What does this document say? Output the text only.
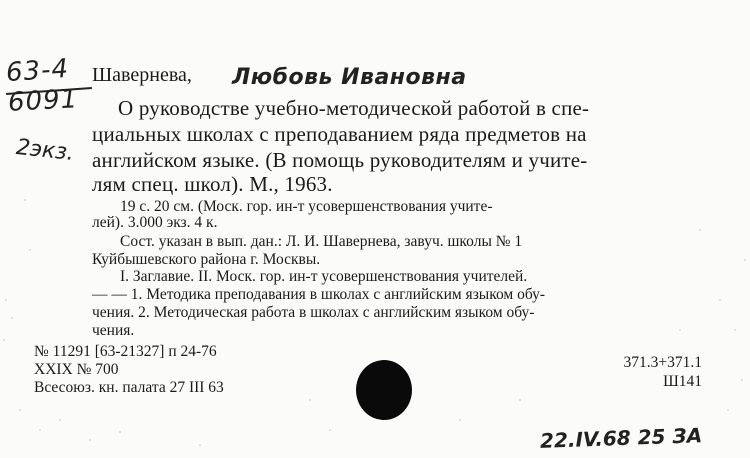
63-4
6091
2экз.
Шавернева, Любовь Ивановна
О руководстве учебно-методической работой в спе-
циальных школах с преподаванием ряда предметов на
английском языке. (В помощь руководителям и учите-
лям спец. школ). М., 1963.
19 с. 20 см. (Моск. гор. ин-т усовершенствования учите-
лей). 3.000 экз. 4 к.
Сост. указан в вып. дан.: Л. И. Шавернева, завуч. школы № 1
Куйбышевского района г. Москвы.
I. Заглавие. II. Моск. гор. ин-т усовершенствования учителей.
— — 1. Методика преподавания в школах с английским языком обу-
чения. 2. Методическая работа в школах с английским языком обу-
чения.
№ 11291 [63-21327] п 24-76
XXIX № 700
Всесоюз. кн. палата 27 III 63
371.3+371.1
Ш141
22.IV.68 25 ЗА
